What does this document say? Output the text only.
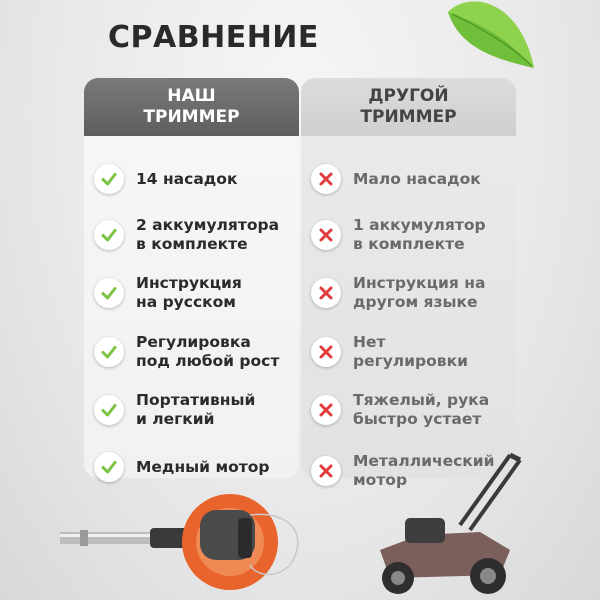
СРАВНЕНИЕ
НАШ
ТРИММЕР
14 насадок
2 аккумулятора
в комплекте
Инструкция
на русском
Регулировка
под любой рост
Портативный
и легкий
Медный мотор
ДРУГОЙ
ТРИММЕР
Мало насадок
1 аккумулятор
в комплекте
Инструкция на
другом языке
Нет
регулировки
Тяжелый, рука
быстро устает
Металлический
мотор
